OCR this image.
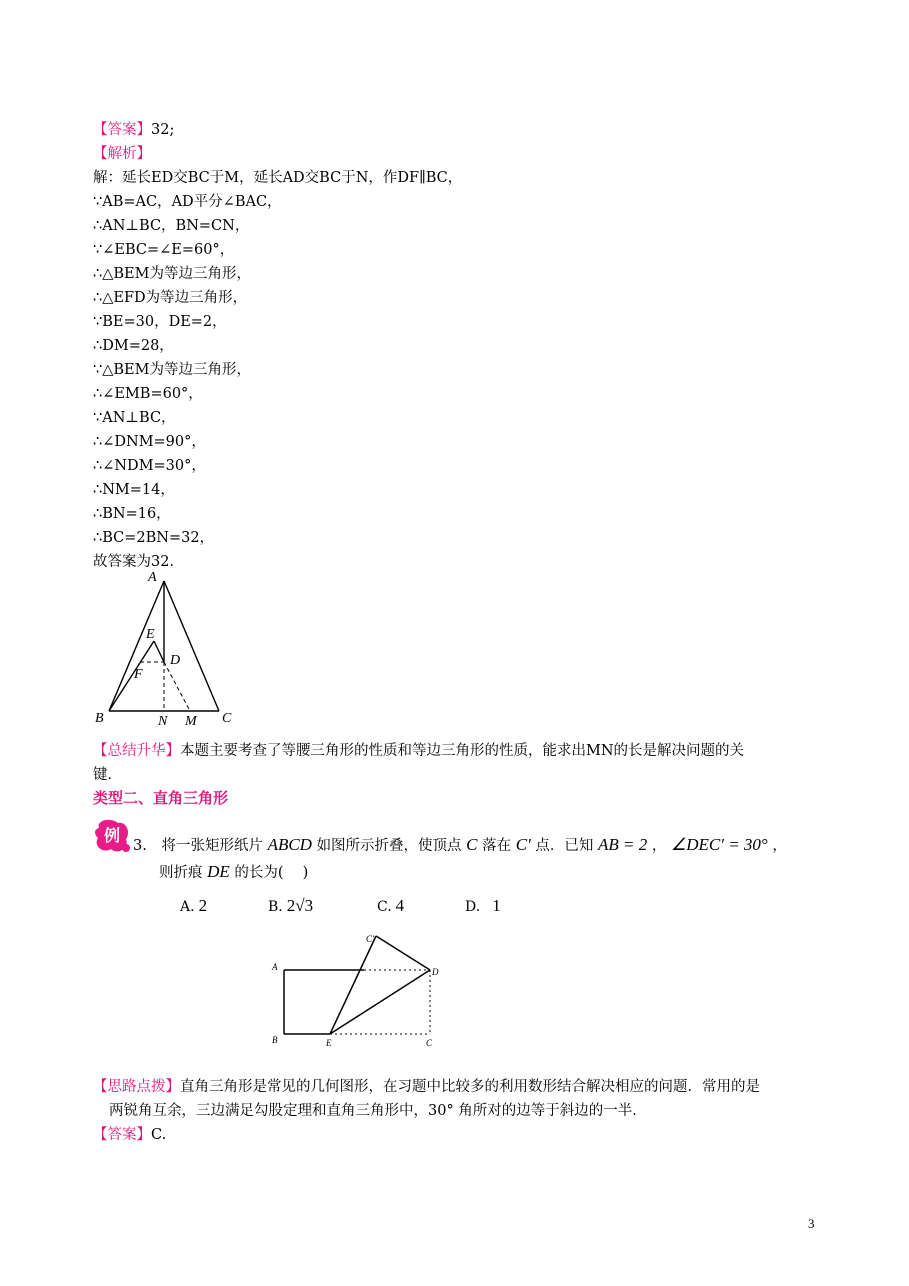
【答案】32;
【解析】
解：延长ED交BC于M，延长AD交BC于N，作DF∥BC，
∵AB=AC，AD平分∠BAC，
∴AN⊥BC，BN=CN，
∵∠EBC=∠E=60°，
∴△BEM为等边三角形，
∴△EFD为等边三角形，
∵BE=30，DE=2，
∴DM=28，
∵△BEM为等边三角形，
∴∠EMB=60°，
∵AN⊥BC，
∴∠DNM=90°，
∴∠NDM=30°，
∴NM=14，
∴BN=16，
∴BC=2BN=32，
故答案为32．
A
E
D
F
B	N M C
【总结升华】本题主要考查了等腰三角形的性质和等边三角形的性质，能求出MN的长是解决问题的关
键．
类型二、直角三角形
例
3. 将一张矩形纸片 ABCD 如图所示折叠，使顶点 C 落在 C′ 点．已知 AB = 2 ， ∠DEC′ = 30° ，
则折痕 DE 的长为(　 )
A. 2	B. 2√3	C. 4	D. 1
A
B	E	C
D
C′
【思路点拨】直角三角形是常见的几何图形，在习题中比较多的利用数形结合解决相应的问题．常用的是
两锐角互余，三边满足勾股定理和直角三角形中，30° 角所对的边等于斜边的一半．
【答案】C.
3
